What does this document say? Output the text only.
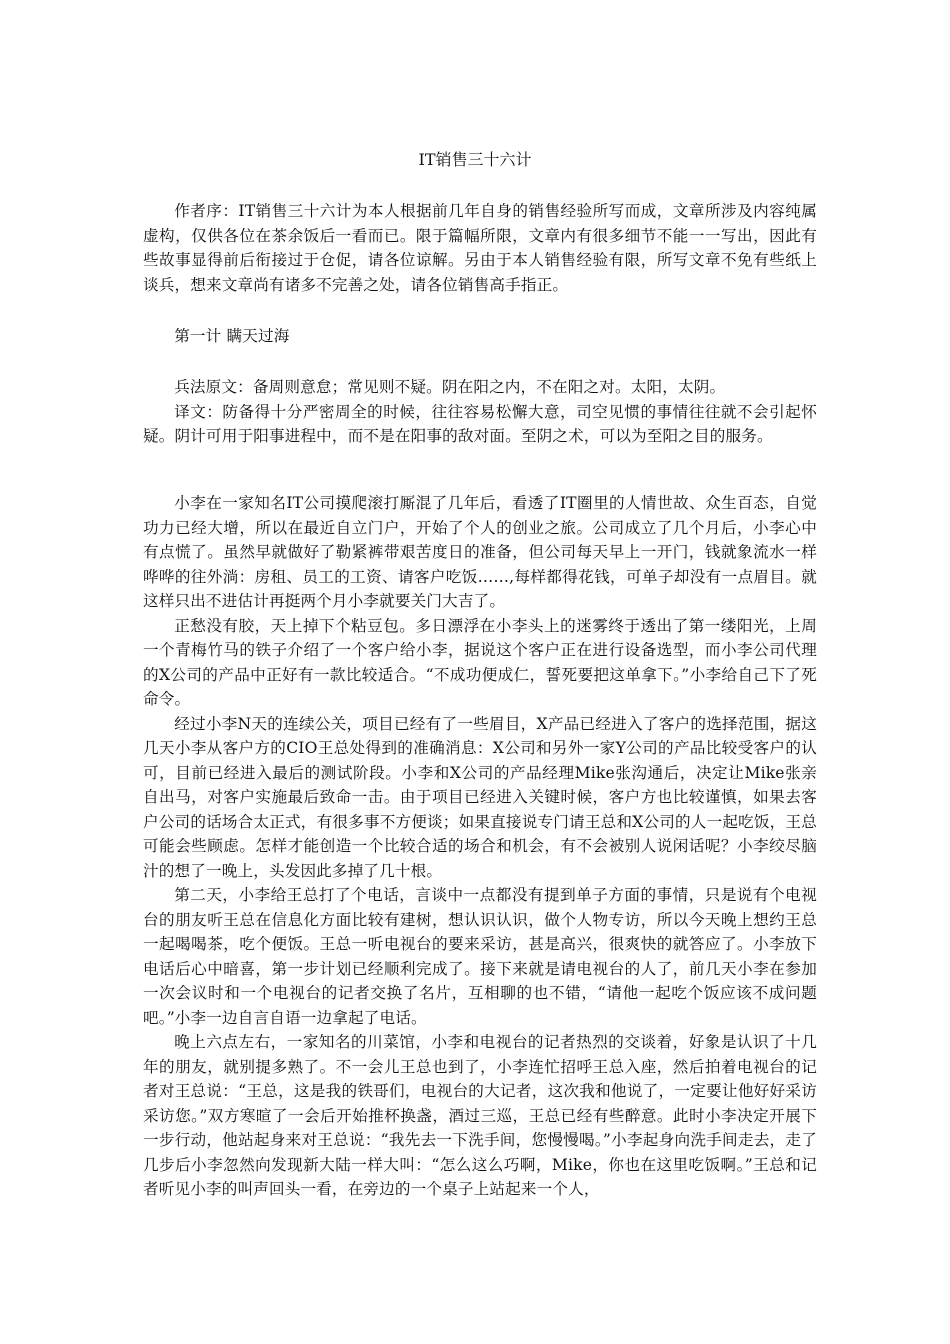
IT销售三十六计

作者序：IT销售三十六计为本人根据前几年自身的销售经验所写而成，文章所涉及内容纯属虚构，仅供各位在茶余饭后一看而已。限于篇幅所限，文章内有很多细节不能一一写出，因此有些故事显得前后衔接过于仓促，请各位谅解。另由于本人销售经验有限，所写文章不免有些纸上谈兵，想来文章尚有诸多不完善之处，请各位销售高手指正。

第一计 瞒天过海

兵法原文：备周则意怠；常见则不疑。阴在阳之内，不在阳之对。太阳，太阴。

译文：防备得十分严密周全的时候，往往容易松懈大意，司空见惯的事情往往就不会引起怀疑。阴计可用于阳事进程中，而不是在阳事的敌对面。至阴之术，可以为至阳之目的服务。

小李在一家知名IT公司摸爬滚打厮混了几年后，看透了IT圈里的人情世故、众生百态，自觉功力已经大增，所以在最近自立门户，开始了个人的创业之旅。公司成立了几个月后，小李心中有点慌了。虽然早就做好了勒紧裤带艰苦度日的准备，但公司每天早上一开门，钱就象流水一样哗哗的往外淌：房租、员工的工资、请客户吃饭……,每样都得花钱，可单子却没有一点眉目。就这样只出不进估计再挺两个月小李就要关门大吉了。

正愁没有胶，天上掉下个粘豆包。多日漂浮在小李头上的迷雾终于透出了第一缕阳光，上周一个青梅竹马的铁子介绍了一个客户给小李，据说这个客户正在进行设备选型，而小李公司代理的X公司的产品中正好有一款比较适合。“不成功便成仁，誓死要把这单拿下。”小李给自己下了死命令。

经过小李N天的连续公关，项目已经有了一些眉目，X产品已经进入了客户的选择范围，据这几天小李从客户方的CIO王总处得到的准确消息：X公司和另外一家Y公司的产品比较受客户的认可，目前已经进入最后的测试阶段。小李和X公司的产品经理Mike张沟通后，决定让Mike张亲自出马，对客户实施最后致命一击。由于项目已经进入关键时候，客户方也比较谨慎，如果去客户公司的话场合太正式，有很多事不方便谈；如果直接说专门请王总和X公司的人一起吃饭，王总可能会些顾虑。怎样才能创造一个比较合适的场合和机会，有不会被别人说闲话呢？小李绞尽脑汁的想了一晚上，头发因此多掉了几十根。

第二天，小李给王总打了个电话，言谈中一点都没有提到单子方面的事情，只是说有个电视台的朋友听王总在信息化方面比较有建树，想认识认识，做个人物专访，所以今天晚上想约王总一起喝喝茶，吃个便饭。王总一听电视台的要来采访，甚是高兴，很爽快的就答应了。小李放下电话后心中暗喜，第一步计划已经顺利完成了。接下来就是请电视台的人了，前几天小李在参加一次会议时和一个电视台的记者交换了名片，互相聊的也不错，“请他一起吃个饭应该不成问题吧。”小李一边自言自语一边拿起了电话。

晚上六点左右，一家知名的川菜馆，小李和电视台的记者热烈的交谈着，好象是认识了十几年的朋友，就别提多熟了。不一会儿王总也到了，小李连忙招呼王总入座，然后拍着电视台的记者对王总说：“王总，这是我的铁哥们，电视台的大记者，这次我和他说了，一定要让他好好采访采访您。”双方寒暄了一会后开始推杯换盏，酒过三巡，王总已经有些醉意。此时小李决定开展下一步行动，他站起身来对王总说：“我先去一下洗手间，您慢慢喝。”小李起身向洗手间走去，走了几步后小李忽然向发现新大陆一样大叫：“怎么这么巧啊，Mike，你也在这里吃饭啊。”王总和记者听见小李的叫声回头一看，在旁边的一个桌子上站起来一个人，
